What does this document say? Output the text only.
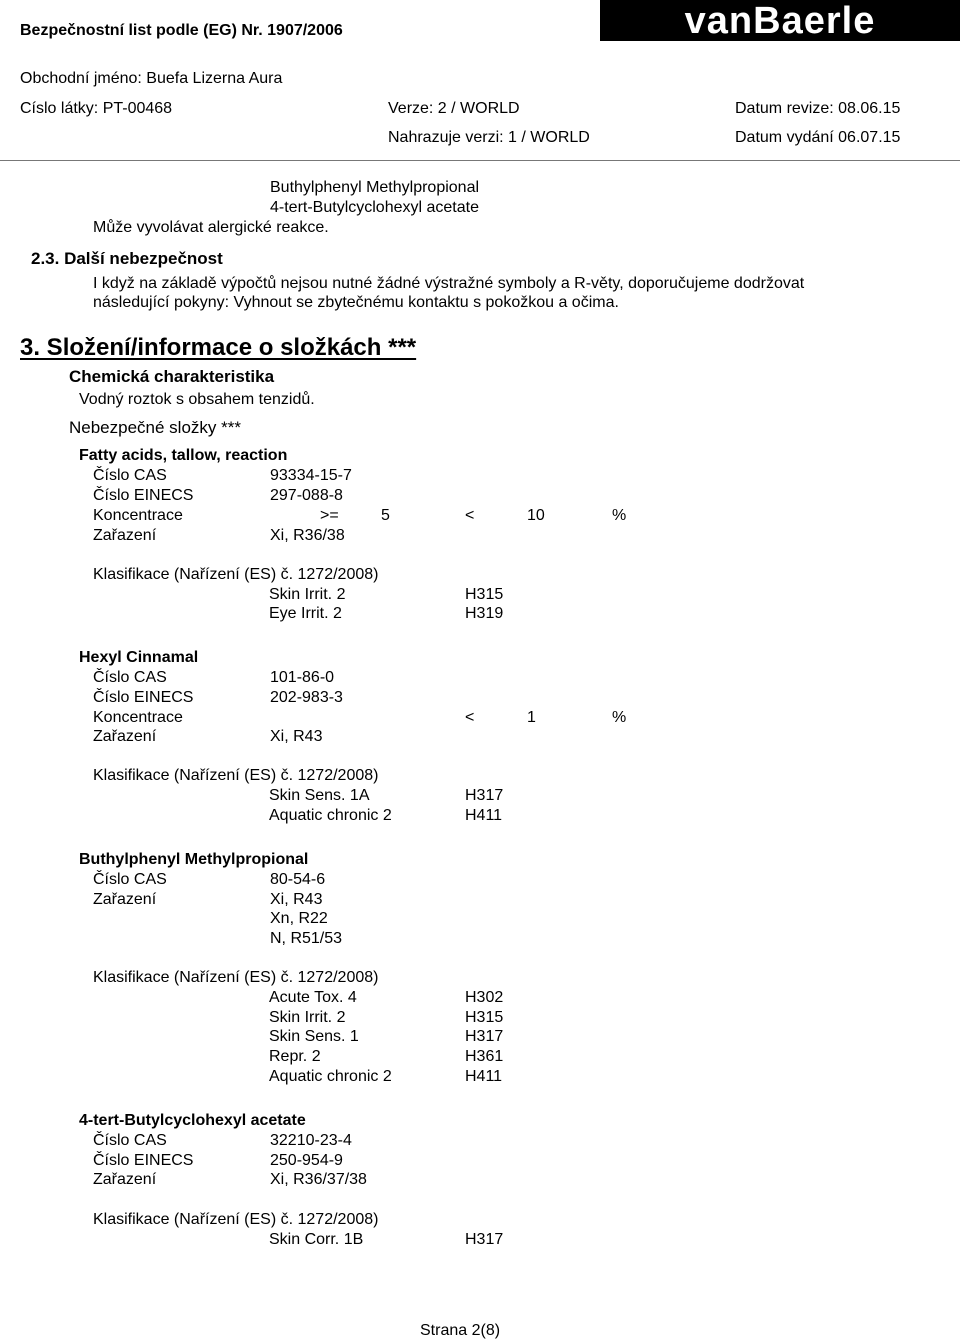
Bezpečnostní list podle (EG) Nr. 1907/2006	vanBaerle
Obchodní jméno: Buefa Lizerna Aura
Císlo látky: PT-00468	Verze: 2 / WORLD	Datum revize: 08.06.15
Nahrazuje verzi: 1 / WORLD	Datum vydání 06.07.15
Buthylphenyl Methylpropional
4-tert-Butylcyclohexyl acetate
Může vyvolávat alergické reakce.
2.3. Další nebezpečnost
I když na základě výpočtů nejsou nutné žádné výstražné symboly a R-věty, doporučujeme dodržovat
následující pokyny: Vyhnout se zbytečnému kontaktu s pokožkou a očima.
3. Složení/informace o složkách ***
Chemická charakteristika
Vodný roztok s obsahem tenzidů.
Nebezpečné složky ***
Fatty acids, tallow, reaction
Číslo CAS	93334-15-7
Číslo EINECS	297-088-8
Koncentrace	>=	5	<	10	%
Zařazení	Xi, R36/38
Klasifikace (Nařízení (ES) č. 1272/2008)
Skin Irrit. 2	H315
Eye Irrit. 2	H319
Hexyl Cinnamal
Číslo CAS	101-86-0
Číslo EINECS	202-983-3
Koncentrace	<	1	%
Zařazení	Xi, R43
Klasifikace (Nařízení (ES) č. 1272/2008)
Skin Sens. 1A	H317
Aquatic chronic 2	H411
Buthylphenyl Methylpropional
Číslo CAS	80-54-6
Zařazení	Xi, R43
Xn, R22
N, R51/53
Klasifikace (Nařízení (ES) č. 1272/2008)
Acute Tox. 4	H302
Skin Irrit. 2	H315
Skin Sens. 1	H317
Repr. 2	H361
Aquatic chronic 2	H411
4-tert-Butylcyclohexyl acetate
Číslo CAS	32210-23-4
Číslo EINECS	250-954-9
Zařazení	Xi, R36/37/38
Klasifikace (Nařízení (ES) č. 1272/2008)
Skin Corr. 1B	H317
Strana 2(8)
